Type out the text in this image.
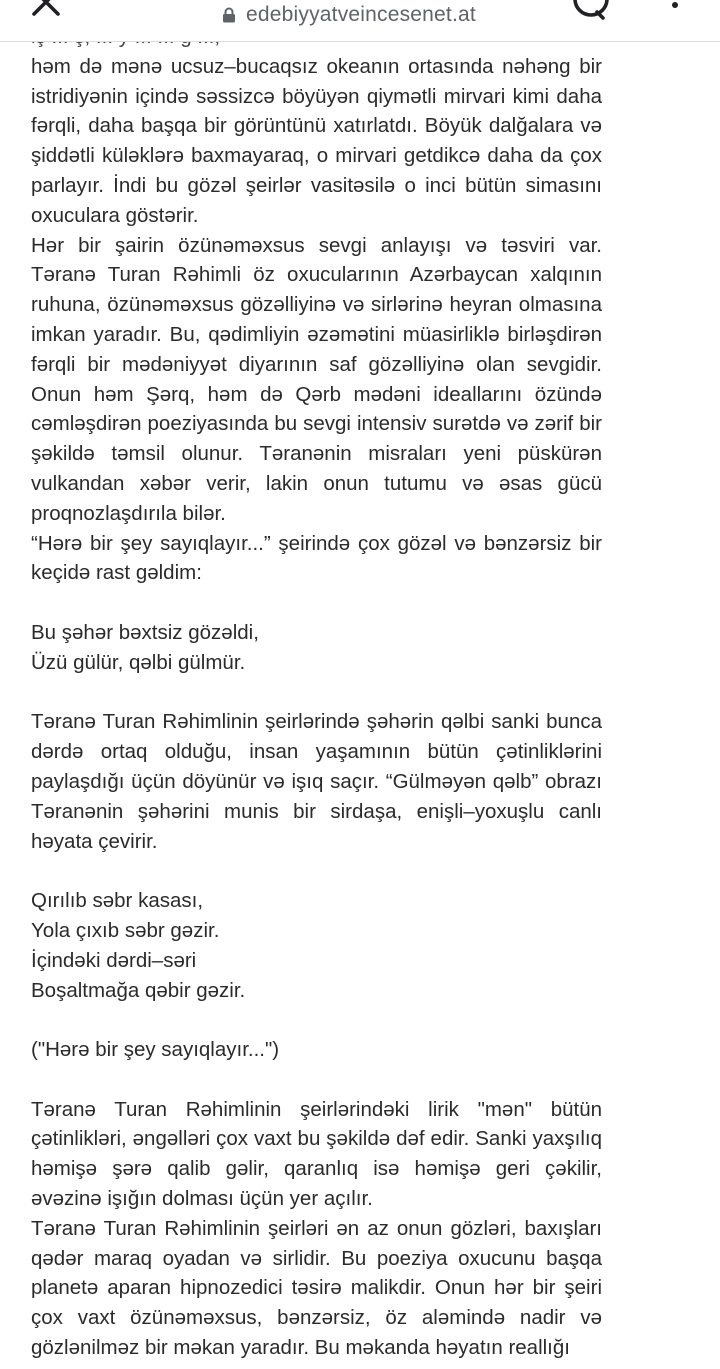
edebiyyatveincesenet.at

həm də mənə ucsuz–bucaqsız okeanın ortasında nəhəng bir istridiyənin içində səssizcə böyüyən qiymətli mirvari kimi daha fərqli, daha başqa bir görüntünü xatırlatdı. Böyük dalğalara və şiddətli küləklərə baxmayaraq, o mirvari getdikcə daha da çox parlayır. İndi bu gözəl şeirlər vasitəsilə o inci bütün simasını oxuculara göstərir.

Hər bir şairin özünəməxsus sevgi anlayışı və təsviri var. Təranə Turan Rəhimli öz oxucularının Azərbaycan xalqının ruhuna, özünəməxsus gözəlliyinə və sirlərinə heyran olmasına imkan yaradır. Bu, qədimliyin əzəmətini müasirliklə birləşdirən fərqli bir mədəniyyət diyarının saf gözəlliyinə olan sevgidir. Onun həm Şərq, həm də Qərb mədəni ideallarını özündə cəmləşdirən poeziyasında bu sevgi intensiv surətdə və zərif bir şəkildə təmsil olunur. Təranənin misraları yeni püskürən vulkandan xəbər verir, lakin onun tutumu və əsas gücü proqnozlaşdırıla bilər.

“Hərə bir şey sayıqlayır...” şeirində çox gözəl və bənzərsiz bir keçidə rast gəldim:

Bu şəhər bəxtsiz gözəldi,

Üzü gülür, qəlbi gülmür.

Təranə Turan Rəhimlinin şeirlərində şəhərin qəlbi sanki bunca dərdə ortaq olduğu, insan yaşamının bütün çətinliklərini paylaşdığı üçün döyünür və işıq saçır. “Gülməyən qəlb” obrazı Təranənin şəhərini munis bir sirdaşa, enişli–yoxuşlu canlı həyata çevirir.

Qırılıb səbr kasası,

Yola çıxıb səbr gəzir.

İçindəki dərdi–səri

Boşaltmağa qəbir gəzir.

("Hərə bir şey sayıqlayır...")

Təranə Turan Rəhimlinin şeirlərindəki lirik "mən" bütün çətinlikləri, əngəlləri çox vaxt bu şəkildə dəf edir. Sanki yaxşılıq həmişə şərə qalib gəlir, qaranlıq isə həmişə geri çəkilir, əvəzinə işığın dolması üçün yer açılır.

Təranə Turan Rəhimlinin şeirləri ən az onun gözləri, baxışları qədər maraq oyadan və sirlidir. Bu poeziya oxucunu başqa planetə aparan hipnozedici təsirə malikdir. Onun hər bir şeiri çox vaxt özünəməxsus, bənzərsiz, öz aləmində nadir və gözlənilməz bir məkan yaradır. Bu məkanda həyatın reallığı
